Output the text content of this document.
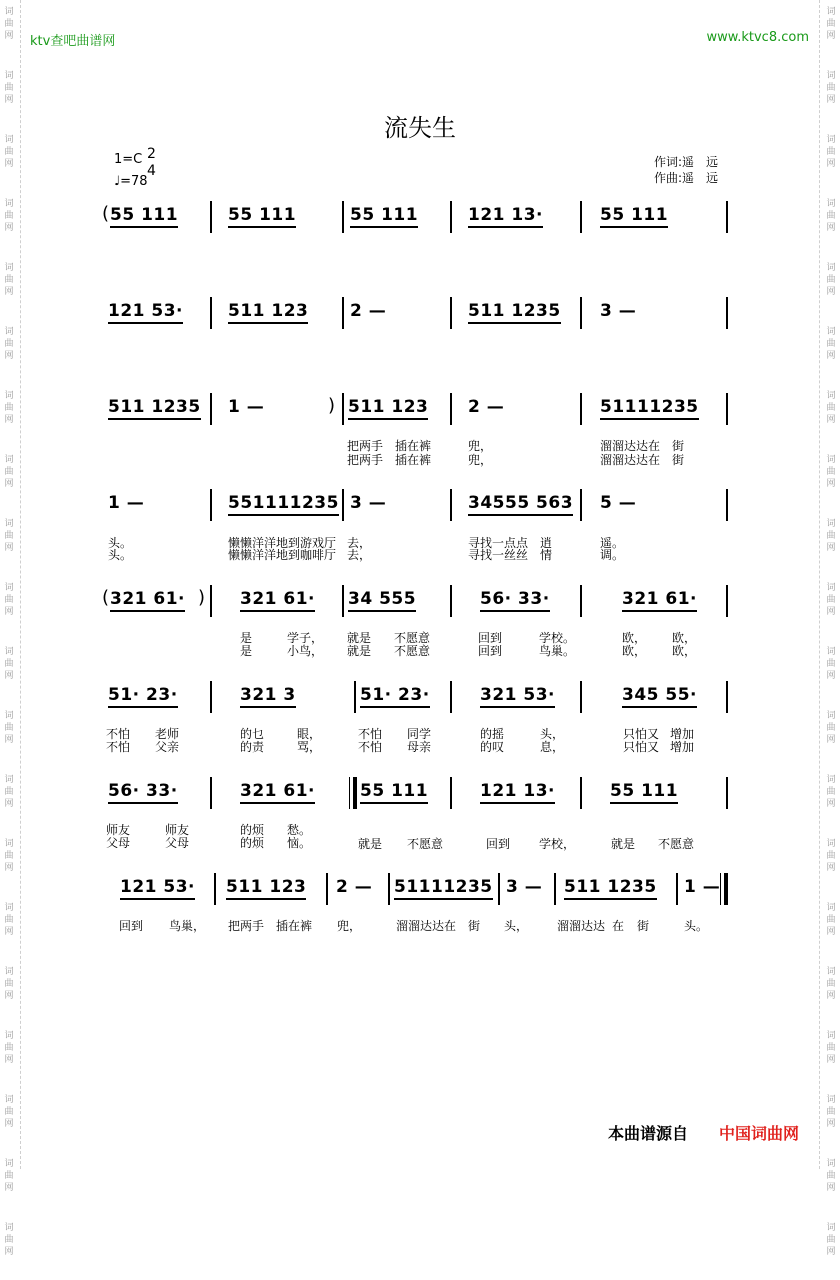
词
曲
网
词
曲
网
词
曲
网
词
曲
网
词
曲
网
词
曲
网
词
曲
网
词
曲
网
词
曲
网
词
曲
网
词
曲
网
词
曲
网
词
曲
网
词
曲
网
词
曲
网
词
曲
网
词
曲
网
词
曲
网
词
曲
网
词
曲
网
词
曲
网
词
曲
网
词
曲
网
词
曲
网
词
曲
网
词
曲
网
词
曲
网
词
曲
网
词
曲
网
词
曲
网
词
曲
网
词
曲
网
词
曲
网
词
曲
网
词
曲
网
词
曲
网
词
曲
网
词
曲
网
词
曲
网
词
曲
网
ktv查吧曲谱网	www.ktvc8.com
流失生
1=C 2
4
♩=78
作词:遥　远
作曲:遥　远
( 55 111	55 111	55 111	121 13·	55 111
121 53·	511 123 2 —	511 1235 3 —
511 1235 1 —	) 511 123 2 —	51111235
把两手 插在裤	兜，	溜溜达达在 街
把两手 插在裤	兜，	溜溜达达在 街
1 —	551111235 3 —	34555 563 5 —
头。	懒懒洋洋地到游戏厅 去，	寻找一点点 逍	遥。
头。	懒懒洋洋地到咖啡厅 去，	寻找一丝丝 情	调。
( 321 61· ) 321 61· 34 555	56· 33·	321 61·
是	学子， 就是 不愿意	回到	学校。	欧， 欧，
是	小鸟， 就是 不愿意	回到	鸟巢。	欧， 欧，
51· 23·	321 3	51· 23·	321 53·	345 55·
不怕 老师	的乜	眼，	不怕 同学	的摇	头，	只怕又 增加
不怕 父亲	的责	骂，	不怕 母亲	的叹	息，	只怕又 增加
56· 33·	321 61·	55 111	121 13·	55 111
师友	师友	的烦 愁。
就是 不愿意	回到 学校，	就是 不愿意
父母	父母	的烦 恼。
121 53· 511 123 2 — 51111235 3 — 511 1235 1 —
回到 鸟巢， 把两手 插在裤 兜，	溜溜达达在 街 头， 溜溜达达 在 街	头。
本曲谱源自 中国词曲网
